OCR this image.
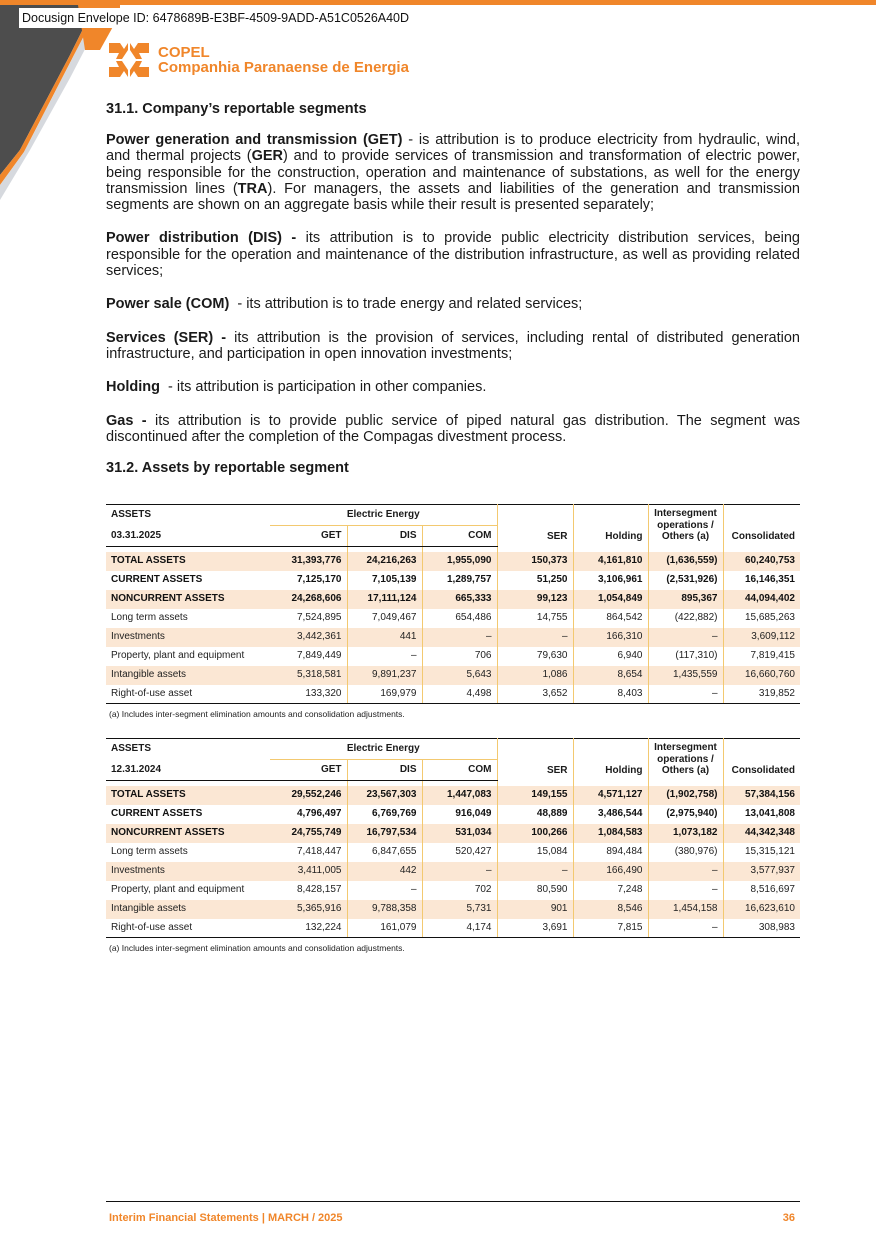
Docusign Envelope ID: 6478689B-E3BF-4509-9ADD-A51C0526A40D
COPEL
Companhia Paranaense de Energia
31.1. Company’s reportable segments

Power generation and transmission (GET) - is attribution is to produce electricity from hydraulic, wind, and thermal projects (GER) and to provide services of transmission and transformation of electric power, being responsible for the construction, operation and maintenance of substations, as well for the energy transmission lines (TRA). For managers, the assets and liabilities of the generation and transmission segments are shown on an aggregate basis while their result is presented separately;

Power distribution (DIS) - its attribution is to provide public electricity distribution services, being responsible for the operation and maintenance of the distribution infrastructure, as well as providing related services;

Power sale (COM)  - its attribution is to trade energy and related services;

Services (SER) - its attribution is the provision of services, including rental of distributed generation infrastructure, and participation in open innovation investments;

Holding  - its attribution is participation in other companies.

Gas - its attribution is to provide public service of piped natural gas distribution. The segment was discontinued after the completion of the Compagas divestment process.

31.2. Assets by reportable segment
ASSETS	Electric Energy			SER	Holding	Intersegment
operations /
Others (a)	Consolidated
03.31.2025	GET	DIS	COM				

TOTAL ASSETS	31,393,776	24,216,263	1,955,090	150,373	4,161,810	(1,636,559)	60,240,753
CURRENT ASSETS	7,125,170	7,105,139	1,289,757	51,250	3,106,961	(2,531,926)	16,146,351
NONCURRENT ASSETS	24,268,606	17,111,124	665,333	99,123	1,054,849	895,367	44,094,402
Long term assets	7,524,895	7,049,467	654,486	14,755	864,542	(422,882)	15,685,263
Investments	3,442,361	441	–	–	166,310	–	3,609,112
Property, plant and equipment	7,849,449	–	706	79,630	6,940	(117,310)	7,819,415
Intangible assets	5,318,581	9,891,237	5,643	1,086	8,654	1,435,559	16,660,760
Right-of-use asset	133,320	169,979	4,498	3,652	8,403	–	319,852
(a) Includes inter-segment elimination amounts and consolidation adjustments.
ASSETS	Electric Energy			SER	Holding	Intersegment
operations /
Others (a)	Consolidated
12.31.2024	GET	DIS	COM				

TOTAL ASSETS	29,552,246	23,567,303	1,447,083	149,155	4,571,127	(1,902,758)	57,384,156
CURRENT ASSETS	4,796,497	6,769,769	916,049	48,889	3,486,544	(2,975,940)	13,041,808
NONCURRENT ASSETS	24,755,749	16,797,534	531,034	100,266	1,084,583	1,073,182	44,342,348
Long term assets	7,418,447	6,847,655	520,427	15,084	894,484	(380,976)	15,315,121
Investments	3,411,005	442	–	–	166,490	–	3,577,937
Property, plant and equipment	8,428,157	–	702	80,590	7,248	–	8,516,697
Intangible assets	5,365,916	9,788,358	5,731	901	8,546	1,454,158	16,623,610
Right-of-use asset	132,224	161,079	4,174	3,691	7,815	–	308,983
(a) Includes inter-segment elimination amounts and consolidation adjustments.
Interim Financial Statements | MARCH / 2025	36
